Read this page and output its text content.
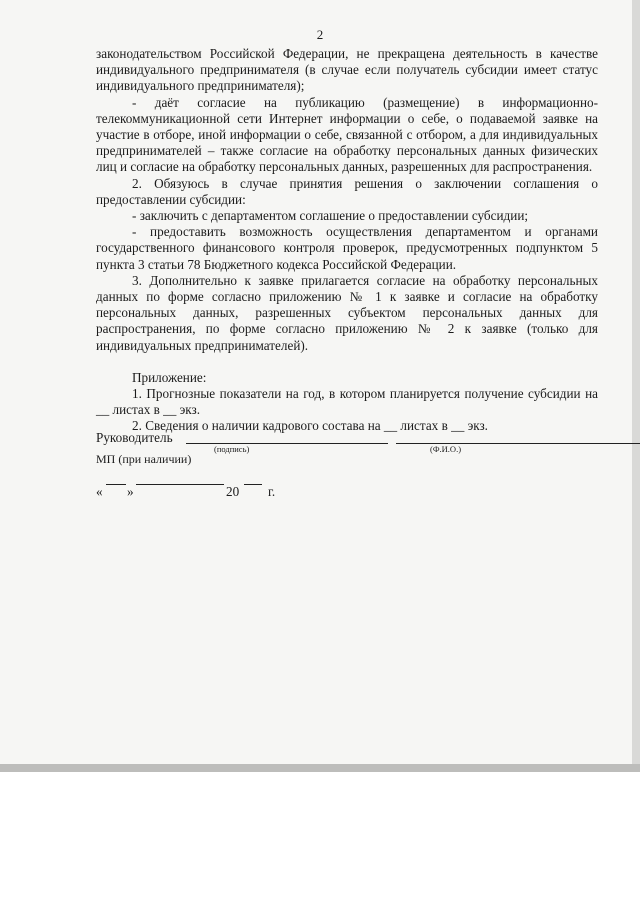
2

законодательством Российской Федерации, не прекращена деятельность в качестве индивидуального предпринимателя (в случае если получатель субсидии имеет статус индивидуального предпринимателя);

- даёт согласие на публикацию (размещение) в информационно-телекоммуникационной сети Интернет информации о себе, о подаваемой заявке на участие в отборе, иной информации о себе, связанной с отбором, а для индивидуальных предпринимателей – также согласие на обработку персональных данных физических лиц и согласие на обработку персональных данных, разрешенных для распространения.

2. Обязуюсь в случае принятия решения о заключении соглашения о предоставлении субсидии:

- заключить с департаментом соглашение о предоставлении субсидии;

- предоставить возможность осуществления департаментом и органами государственного финансового контроля проверок, предусмотренных подпунктом 5 пункта 3 статьи 78 Бюджетного кодекса Российской Федерации.

3. Дополнительно к заявке прилагается согласие на обработку персональных данных по форме согласно приложению № 1 к заявке и согласие на обработку персональных данных, разрешенных субъектом персональных данных для распространения, по форме согласно приложению № 2 к заявке (только для индивидуальных предпринимателей).

Приложение:

1. Прогнозные показатели на год, в котором планируется получение субсидии на __ листах в __ экз.

2. Сведения о наличии кадрового состава на __ листах в __ экз.

Руководитель
(подпись)	(Ф.И.О.)
МП (при наличии)
« »	20 г.
